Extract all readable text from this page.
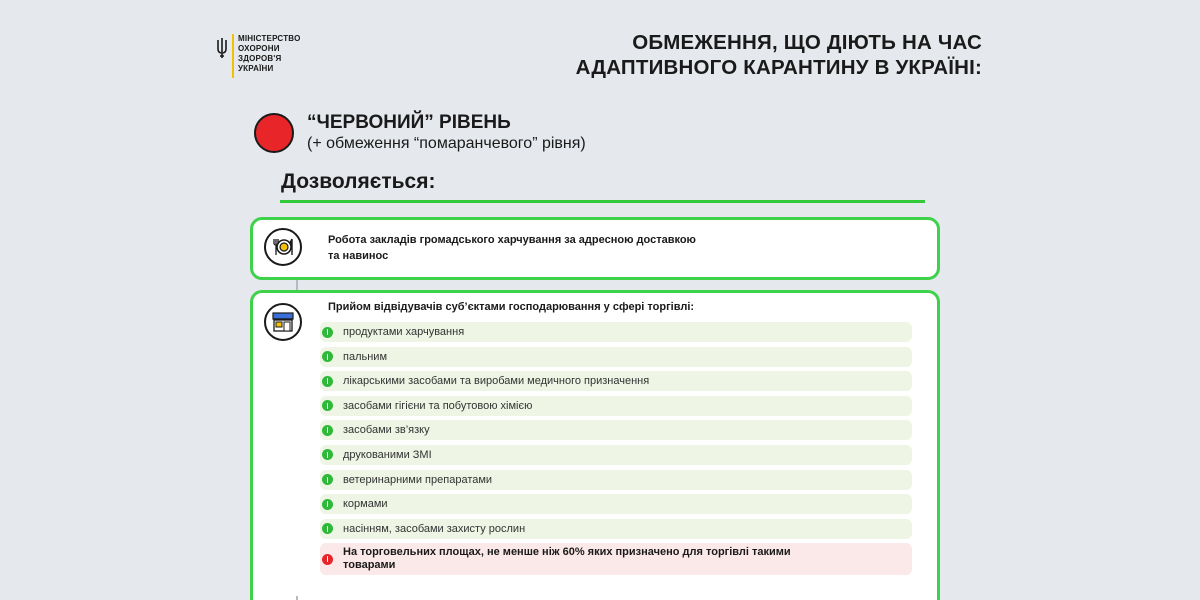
МІНІСТЕРСТВО
ОХОРОНИ
ЗДОРОВ'Я
УКРАЇНИ
ОБМЕЖЕННЯ, ЩО ДІЮТЬ НА ЧАС
АДАПТИВНОГО КАРАНТИНУ В УКРАЇНІ:
“ЧЕРВОНИЙ” РІВЕНЬ
(+ обмеження “помаранчевого” рівня)
Дозволяється:
Робота закладів громадського харчування за адресною доставкою та навинос
Прийом відвідувачів суб’єктами господарювання у сфері торгівлі:
продуктами харчування
пальним
лікарськими засобами та виробами медичного призначення
засобами гігієни та побутовою хімією
засобами зв’язку
друкованими ЗМІ
ветеринарними препаратами
кормами
насінням, засобами захисту рослин
На торговельних площах, не менше ніж 60% яких призначено для торгівлі такими товарами
